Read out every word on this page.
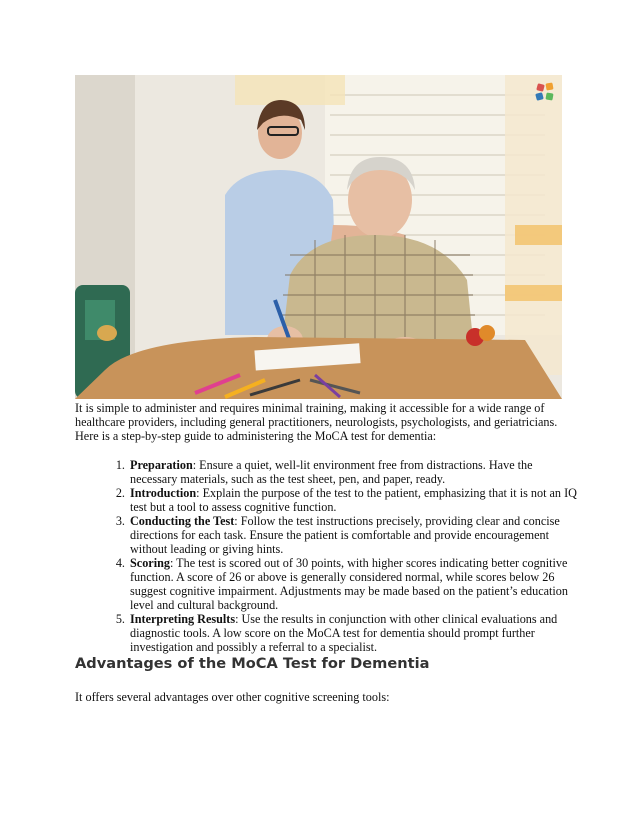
It is simple to administer and requires minimal training, making it accessible for a wide range of healthcare providers, including general practitioners, neurologists, psychologists, and geriatricians. Here is a step-by-step guide to administering the MoCA test for dementia:

1. Preparation: Ensure a quiet, well-lit environment free from distractions. Have the necessary materials, such as the test sheet, pen, and paper, ready.
2. Introduction: Explain the purpose of the test to the patient, emphasizing that it is not an IQ test but a tool to assess cognitive function.
3. Conducting the Test: Follow the test instructions precisely, providing clear and concise directions for each task. Ensure the patient is comfortable and provide encouragement without leading or giving hints.
4. Scoring: The test is scored out of 30 points, with higher scores indicating better cognitive function. A score of 26 or above is generally considered normal, while scores below 26 suggest cognitive impairment. Adjustments may be made based on the patient’s education level and cultural background.
5. Interpreting Results: Use the results in conjunction with other clinical evaluations and diagnostic tools. A low score on the MoCA test for dementia should prompt further investigation and possibly a referral to a specialist.
Advantages of the MoCA Test for Dementia

It offers several advantages over other cognitive screening tools:
